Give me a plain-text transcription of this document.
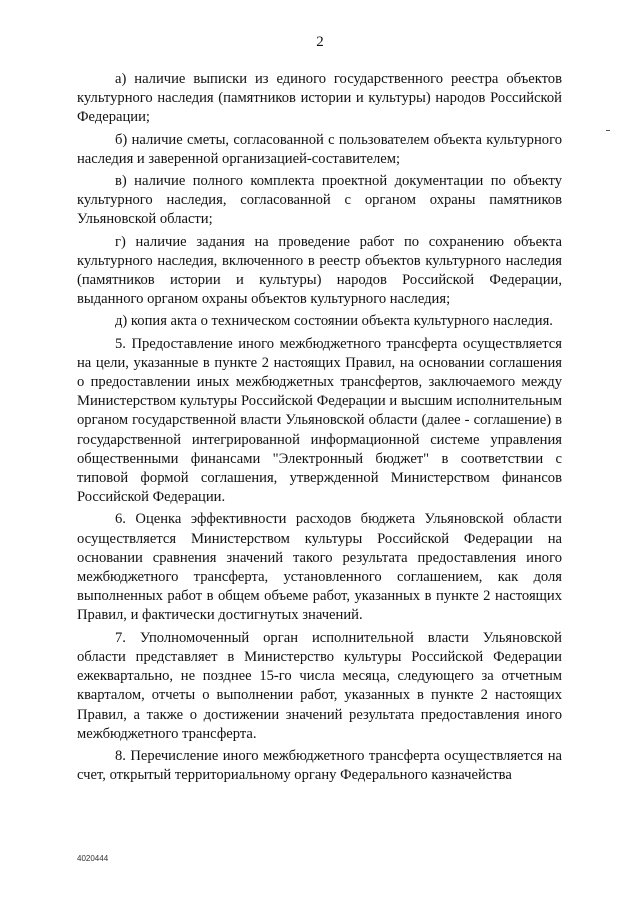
2

а) наличие выписки из единого государственного реестра объектов культурного наследия (памятников истории и культуры) народов Российской Федерации;

б) наличие сметы, согласованной с пользователем объекта культурного наследия и заверенной организацией-составителем;

в) наличие полного комплекта проектной документации по объекту культурного наследия, согласованной с органом охраны памятников Ульяновской области;

г) наличие задания на проведение работ по сохранению объекта культурного наследия, включенного в реестр объектов культурного наследия (памятников истории и культуры) народов Российской Федерации, выданного органом охраны объектов культурного наследия;

д) копия акта о техническом состоянии объекта культурного наследия.

5. Предоставление иного межбюджетного трансферта осуществляется на цели, указанные в пункте 2 настоящих Правил, на основании соглашения о предоставлении иных межбюджетных трансфертов, заключаемого между Министерством культуры Российской Федерации и высшим исполнительным органом государственной власти Ульяновской области (далее - соглашение) в государственной интегрированной информационной системе управления общественными финансами "Электронный бюджет" в соответствии с типовой формой соглашения, утвержденной Министерством финансов Российской Федерации.

6. Оценка эффективности расходов бюджета Ульяновской области осуществляется Министерством культуры Российской Федерации на основании сравнения значений такого результата предоставления иного межбюджетного трансферта, установленного соглашением, как доля выполненных работ в общем объеме работ, указанных в пункте 2 настоящих Правил, и фактически достигнутых значений.

7. Уполномоченный орган исполнительной власти Ульяновской области представляет в Министерство культуры Российской Федерации ежеквартально, не позднее 15-го числа месяца, следующего за отчетным кварталом, отчеты о выполнении работ, указанных в пункте 2 настоящих Правил, а также о достижении значений результата предоставления иного межбюджетного трансферта.

8. Перечисление иного межбюджетного трансферта осуществляется на счет, открытый территориальному органу Федерального казначейства

4020444
